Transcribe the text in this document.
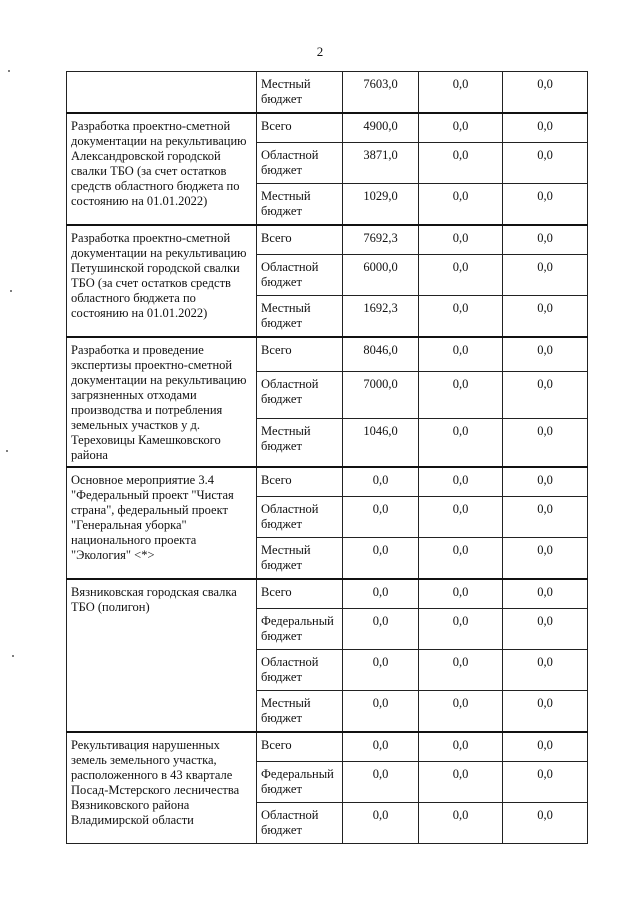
2
	Местный бюджет	7603,0	0,0	0,0
Разработка проектно-сметной документации на рекультивацию Александровской городской свалки ТБО (за счет остатков средств областного бюджета по состоянию на 01.01.2022)	Всего	4900,0	0,0	0,0
	Областной бюджет	3871,0	0,0	0,0
	Местный бюджет	1029,0	0,0	0,0
Разработка проектно-сметной документации на рекультивацию Петушинской городской свалки ТБО (за счет остатков средств областного бюджета по состоянию на 01.01.2022)	Всего	7692,3	0,0	0,0
	Областной бюджет	6000,0	0,0	0,0
	Местный бюджет	1692,3	0,0	0,0
Разработка и проведение экспертизы проектно-сметной документации на рекультивацию загрязненных отходами производства и потребления земельных участков у д. Тереховицы Камешковского района	Всего	8046,0	0,0	0,0
	Областной бюджет	7000,0	0,0	0,0
	Местный бюджет	1046,0	0,0	0,0
Основное мероприятие 3.4 "Федеральный проект "Чистая страна", федеральный проект "Генеральная уборка" национального проекта "Экология" <*>	Всего	0,0	0,0	0,0
	Областной бюджет	0,0	0,0	0,0
	Местный бюджет	0,0	0,0	0,0
Вязниковская городская свалка ТБО (полигон)	Всего	0,0	0,0	0,0
	Федеральный бюджет	0,0	0,0	0,0
	Областной бюджет	0,0	0,0	0,0
	Местный бюджет	0,0	0,0	0,0
Рекультивация нарушенных земель земельного участка, расположенного в 43 квартале Посад-Мстерского лесничества Вязниковского района Владимирской области	Всего	0,0	0,0	0,0
	Федеральный бюджет	0,0	0,0	0,0
	Областной бюджет	0,0	0,0	0,0
